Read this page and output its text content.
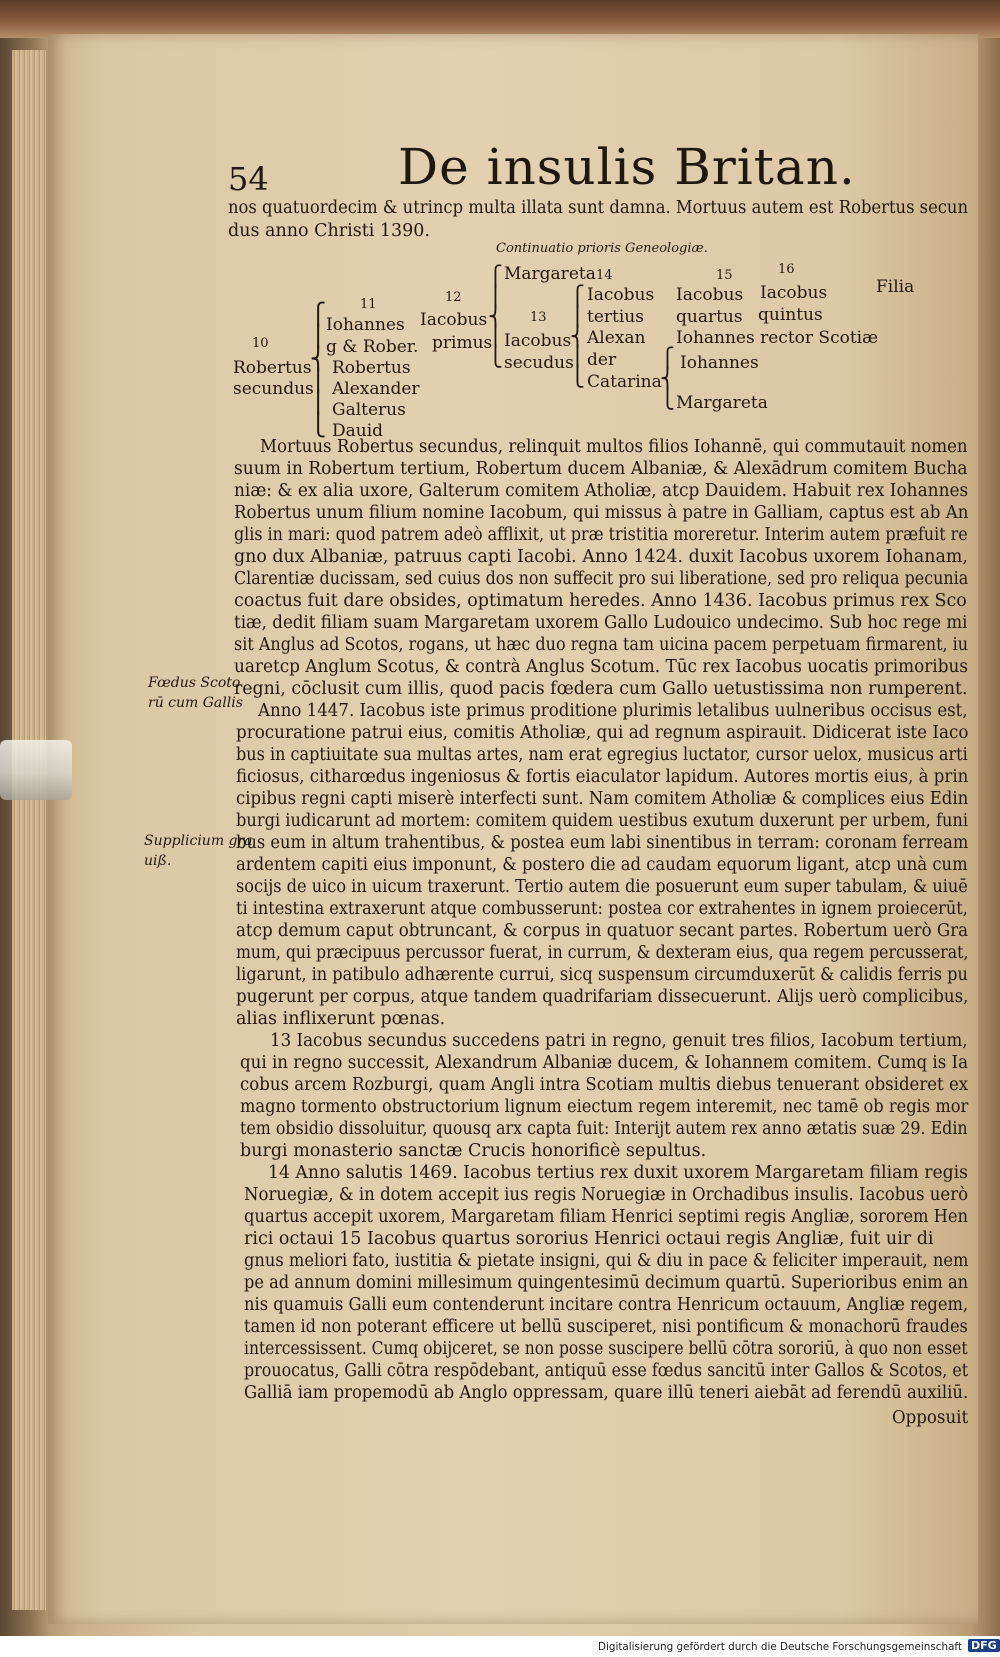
54	De insulis Britan.
nos quatuordecim & utrincp multa illata sunt damna. Mortuus autem est Robertus secun
dus anno Christi 1390.
Continuatio prioris Geneologiæ.
10
Robertus
secundus
⎧
⎪
⎨
⎪
⎪
⎩
11
Iohannes
g & Rober.
Robertus
Alexander
Galterus
Dauid
12
Iacobus
primus
⎧
⎪
⎨
⎪
⎩
Margareta 14
13
Iacobus
secudus
⎧
⎪
⎨
⎪
⎩
Iacobus
tertius
Alexan
der
Catarina
⎧
⎨
⎩
15
Iacobus
quartus
16
Iacobus
quintus
Iohannes rector Scotiæ
Iohannes
Margareta
Filia
Fœdus Scoto
rū cum Gallis
Supplicium gra
uiß.
Mortuus Robertus secundus, relinquit multos filios Iohannē, qui commutauit nomen
suum in Robertum tertium, Robertum ducem Albaniæ, & Alexādrum comitem Bucha
niæ: & ex alia uxore, Galterum comitem Atholiæ, atcp Dauidem. Habuit rex Iohannes
Robertus unum filium nomine Iacobum, qui missus à patre in Galliam, captus est ab An
glis in mari: quod patrem adeò afflixit, ut præ tristitia moreretur. Interim autem præfuit re
gno dux Albaniæ, patruus capti Iacobi. Anno 1424. duxit Iacobus uxorem Iohanam,
Clarentiæ ducissam, sed cuius dos non suffecit pro sui liberatione, sed pro reliqua pecunia
coactus fuit dare obsides, optimatum heredes. Anno 1436. Iacobus primus rex Sco
tiæ, dedit filiam suam Margaretam uxorem Gallo Ludouico undecimo. Sub hoc rege mi
sit Anglus ad Scotos, rogans, ut hæc duo regna tam uicina pacem perpetuam firmarent, iu
uaretcp Anglum Scotus, & contrà Anglus Scotum. Tūc rex Iacobus uocatis primoribus
regni, cōclusit cum illis, quod pacis fœdera cum Gallo uetustissima non rumperent.
Anno 1447. Iacobus iste primus proditione plurimis letalibus uulneribus occisus est,
procuratione patrui eius, comitis Atholiæ, qui ad regnum aspirauit. Didicerat iste Iaco
bus in captiuitate sua multas artes, nam erat egregius luctator, cursor uelox, musicus arti
ficiosus, citharœdus ingeniosus & fortis eiaculator lapidum. Autores mortis eius, à prin
cipibus regni capti miserè interfecti sunt. Nam comitem Atholiæ & complices eius Edin
burgi iudicarunt ad mortem: comitem quidem uestibus exutum duxerunt per urbem, funi
bus eum in altum trahentibus, & postea eum labi sinentibus in terram: coronam ferream
ardentem capiti eius imponunt, & postero die ad caudam equorum ligant, atcp unà cum
socijs de uico in uicum traxerunt. Tertio autem die posuerunt eum super tabulam, & uiuē
ti intestina extraxerunt atque combusserunt: postea cor extrahentes in ignem proiecerūt,
atcp demum caput obtruncant, & corpus in quatuor secant partes. Robertum uerò Gra
mum, qui præcipuus percussor fuerat, in currum, & dexteram eius, qua regem percusserat,
ligarunt, in patibulo adhærente currui, sicq suspensum circumduxerūt & calidis ferris pu
pugerunt per corpus, atque tandem quadrifariam dissecuerunt. Alijs uerò complicibus,
alias inflixerunt pœnas.
13 Iacobus secundus succedens patri in regno, genuit tres filios, Iacobum tertium,
qui in regno successit, Alexandrum Albaniæ ducem, & Iohannem comitem. Cumq is Ia
cobus arcem Rozburgi, quam Angli intra Scotiam multis diebus tenuerant obsideret ex
magno tormento obstructorium lignum eiectum regem interemit, nec tamē ob regis mor
tem obsidio dissoluitur, quousq arx capta fuit: Interijt autem rex anno ætatis suæ 29. Edin
burgi monasterio sanctæ Crucis honorificè sepultus.
14 Anno salutis 1469. Iacobus tertius rex duxit uxorem Margaretam filiam regis
Noruegiæ, & in dotem accepit ius regis Noruegiæ in Orchadibus insulis. Iacobus uerò
quartus accepit uxorem, Margaretam filiam Henrici septimi regis Angliæ, sororem Hen
rici octaui 15 Iacobus quartus sororius Henrici octaui regis Angliæ, fuit uir di
gnus meliori fato, iustitia & pietate insigni, qui & diu in pace & feliciter imperauit, nem
pe ad annum domini millesimum quingentesimū decimum quartū. Superioribus enim an
nis quamuis Galli eum contenderunt incitare contra Henricum octauum, Angliæ regem,
tamen id non poterant efficere ut bellū susciperet, nisi pontificum & monachorū fraudes
intercessissent. Cumq obijceret, se non posse suscipere bellū cōtra sororiū, à quo non esset
prouocatus, Galli cōtra respōdebant, antiquū esse fœdus sancitū inter Gallos & Scotos, et
Galliā iam propemodū ab Anglo oppressam, quare illū teneri aiebāt ad ferendū auxiliū.
Opposuit
Digitalisierung gefördert durch die Deutsche Forschungsgemeinschaft DFG
